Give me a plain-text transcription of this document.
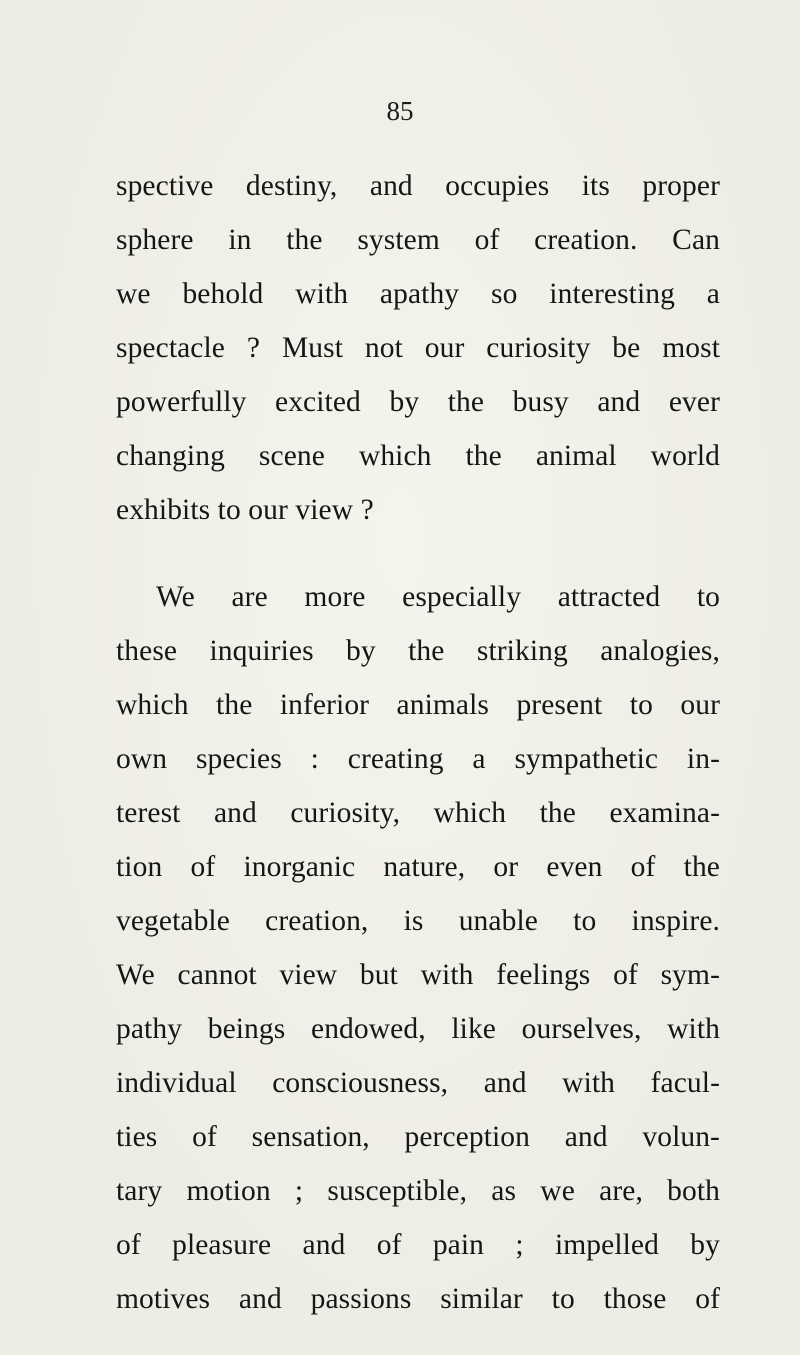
85
spective destiny, and occupies its proper
sphere in the system of creation. Can
we behold with apathy so interesting a
spectacle ? Must not our curiosity be most
powerfully excited by the busy and ever
changing scene which the animal world
exhibits to our view ?
We are more especially attracted to
these inquiries by the striking analogies,
which the inferior animals present to our
own species : creating a sympathetic in-
terest and curiosity, which the examina-
tion of inorganic nature, or even of the
vegetable creation, is unable to inspire.
We cannot view but with feelings of sym-
pathy beings endowed, like ourselves, with
individual consciousness, and with facul-
ties of sensation, perception and volun-
tary motion ; susceptible, as we are, both
of pleasure and of pain ; impelled by
motives and passions similar to those of
